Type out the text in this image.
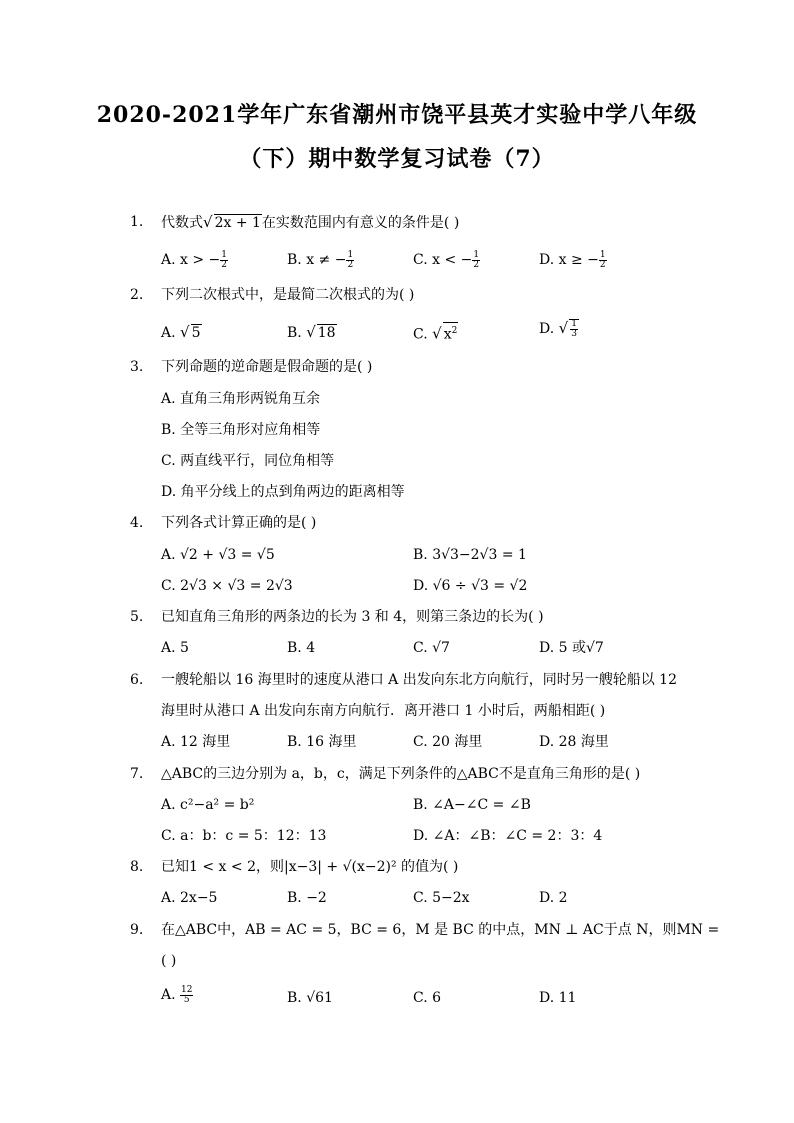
2020-2021学年广东省潮州市饶平县英才实验中学八年级
（下）期中数学复习试卷（7）
1.	代数式√ 2x + 1在实数范围内有意义的条件是( )
A. x > − $\frac{1}{2}$	B. x ≠ − $\frac{1}{2}$	C. x < − $\frac{1}{2}$	D. x ≥ − $\frac{1}{2}$
2.	下列二次根式中，是最简二次根式的为( )
A. √ 5	B. √ 18	C. √ $x^2$	D. √ $\frac{1}{3}$
3.	下列命题的逆命题是假命题的是( )
A. 直角三角形两锐角互余
B. 全等三角形对应角相等
C. 两直线平行，同位角相等
D. 角平分线上的点到角两边的距离相等
4.	下列各式计算正确的是( )
A. √2 + √3 = √5	B. 3√3−2√3 = 1
C. 2√3 × √3 = 2√3	D. √6 ÷ √3 = √2
5.	已知直角三角形的两条边的长为 3 和 4，则第三条边的长为( )
A. 5	B. 4	C. √7	D. 5 或√7
6.	一艘轮船以 16 海里时的速度从港口 A 出发向东北方向航行，同时另一艘轮船以 12
海里时从港口 A 出发向东南方向航行．离开港口 1 小时后，两船相距( )
A. 12 海里	B. 16 海里	C. 20 海里	D. 28 海里
7.	△ABC的三边分别为 a，b，c，满足下列条件的△ABC不是直角三角形的是( )
A. c²−a² = b²	B. ∠A−∠C = ∠B
C. a：b：c = 5：12：13	D. ∠A：∠B：∠C = 2：3：4
8.	已知1 < x < 2，则|x−3| + √(x−2)² 的值为( )
A. 2x−5	B. −2	C. 5−2x	D. 2
9.	在△ABC中，AB = AC = 5，BC = 6，M 是 BC 的中点，MN ⊥ AC于点 N，则MN =
( )
A. $\frac{12}{5}$	B. √61	C. 6	D. 11
